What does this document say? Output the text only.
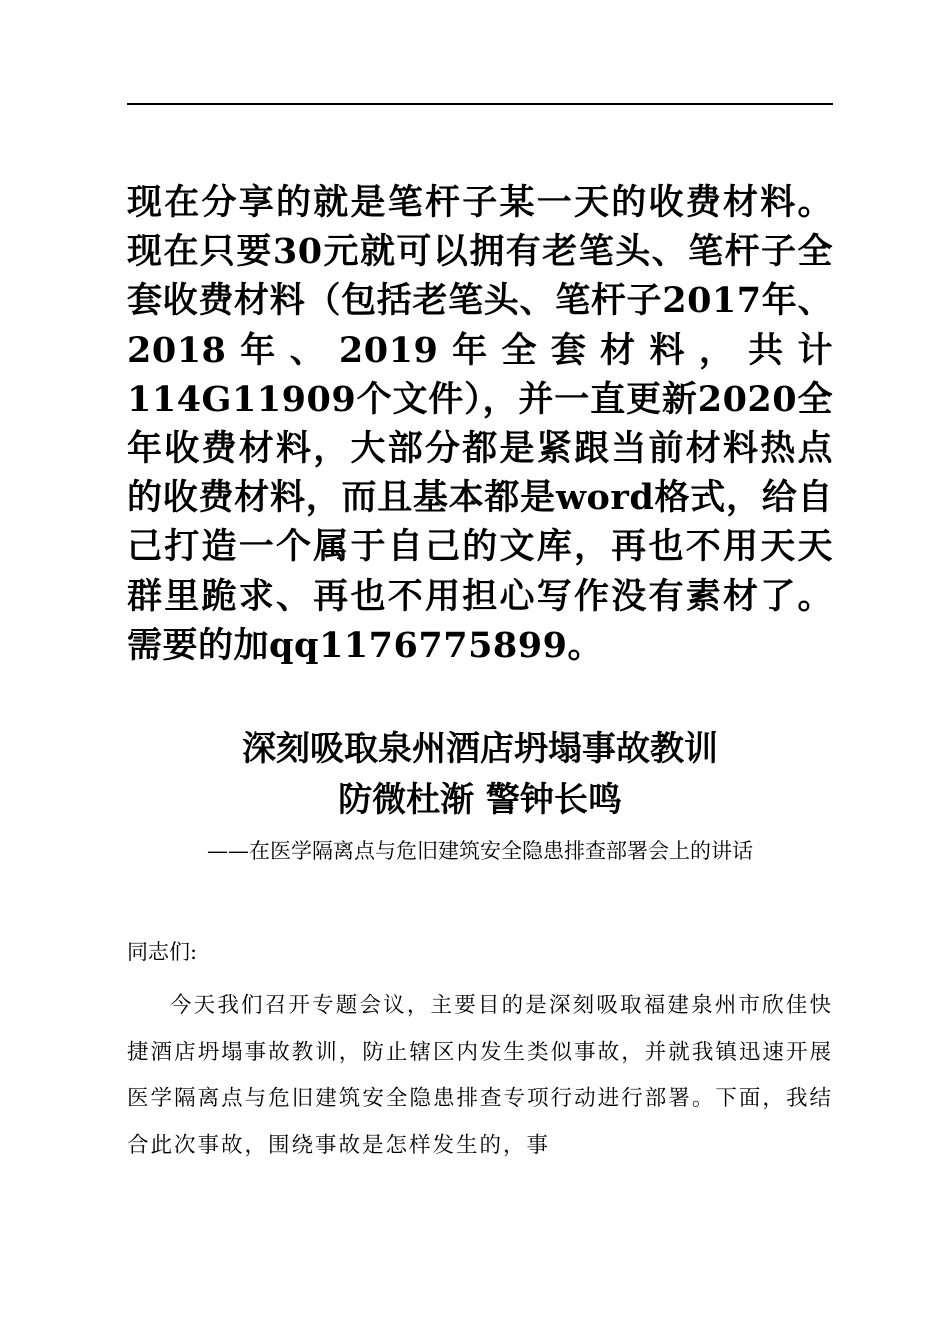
现在分享的就是笔杆子某一天的收费材料。现在只要30元就可以拥有老笔头、笔杆子全套收费材料（包括老笔头、笔杆子2017年、2018年、2019年全套材料，共计114G11909个文件），并一直更新2020全年收费材料，大部分都是紧跟当前材料热点的收费材料，而且基本都是word格式，给自己打造一个属于自己的文库，再也不用天天群里跪求、再也不用担心写作没有素材了。需要的加qq1176775899。

深刻吸取泉州酒店坍塌事故教训
防微杜渐 警钟长鸣

——在医学隔离点与危旧建筑安全隐患排查部署会上的讲话

同志们:

今天我们召开专题会议，主要目的是深刻吸取福建泉州市欣佳快捷酒店坍塌事故教训，防止辖区内发生类似事故，并就我镇迅速开展医学隔离点与危旧建筑安全隐患排查专项行动进行部署。下面，我结合此次事故，围绕事故是怎样发生的，事
